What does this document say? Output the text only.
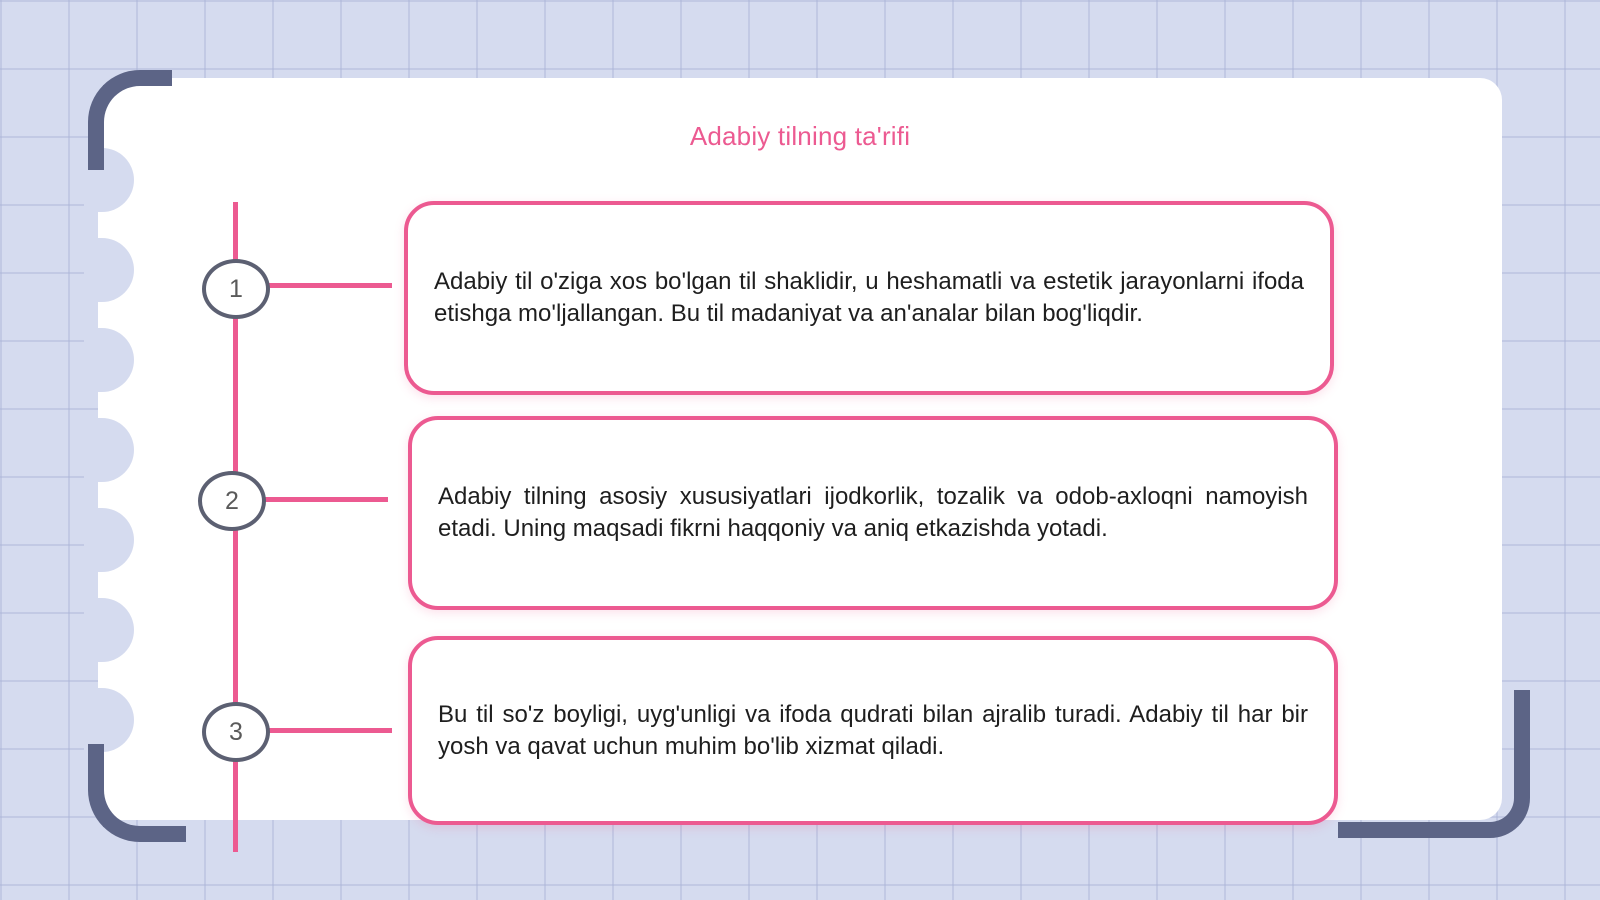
Adabiy tilning ta'rifi
1
2
3

Adabiy til o'ziga xos bo'lgan til shaklidir, u heshamatli va estetik jarayonlarni ifoda etishga mo'ljallangan. Bu til madaniyat va an'analar bilan bog'liqdir.

Adabiy tilning asosiy xususiyatlari ijodkorlik, tozalik va odob-axloqni namoyish etadi. Uning maqsadi fikrni haqqoniy va aniq etkazishda yotadi.

Bu til so'z boyligi, uyg'unligi va ifoda qudrati bilan ajralib turadi. Adabiy til har bir yosh va qavat uchun muhim bo'lib xizmat qiladi.
